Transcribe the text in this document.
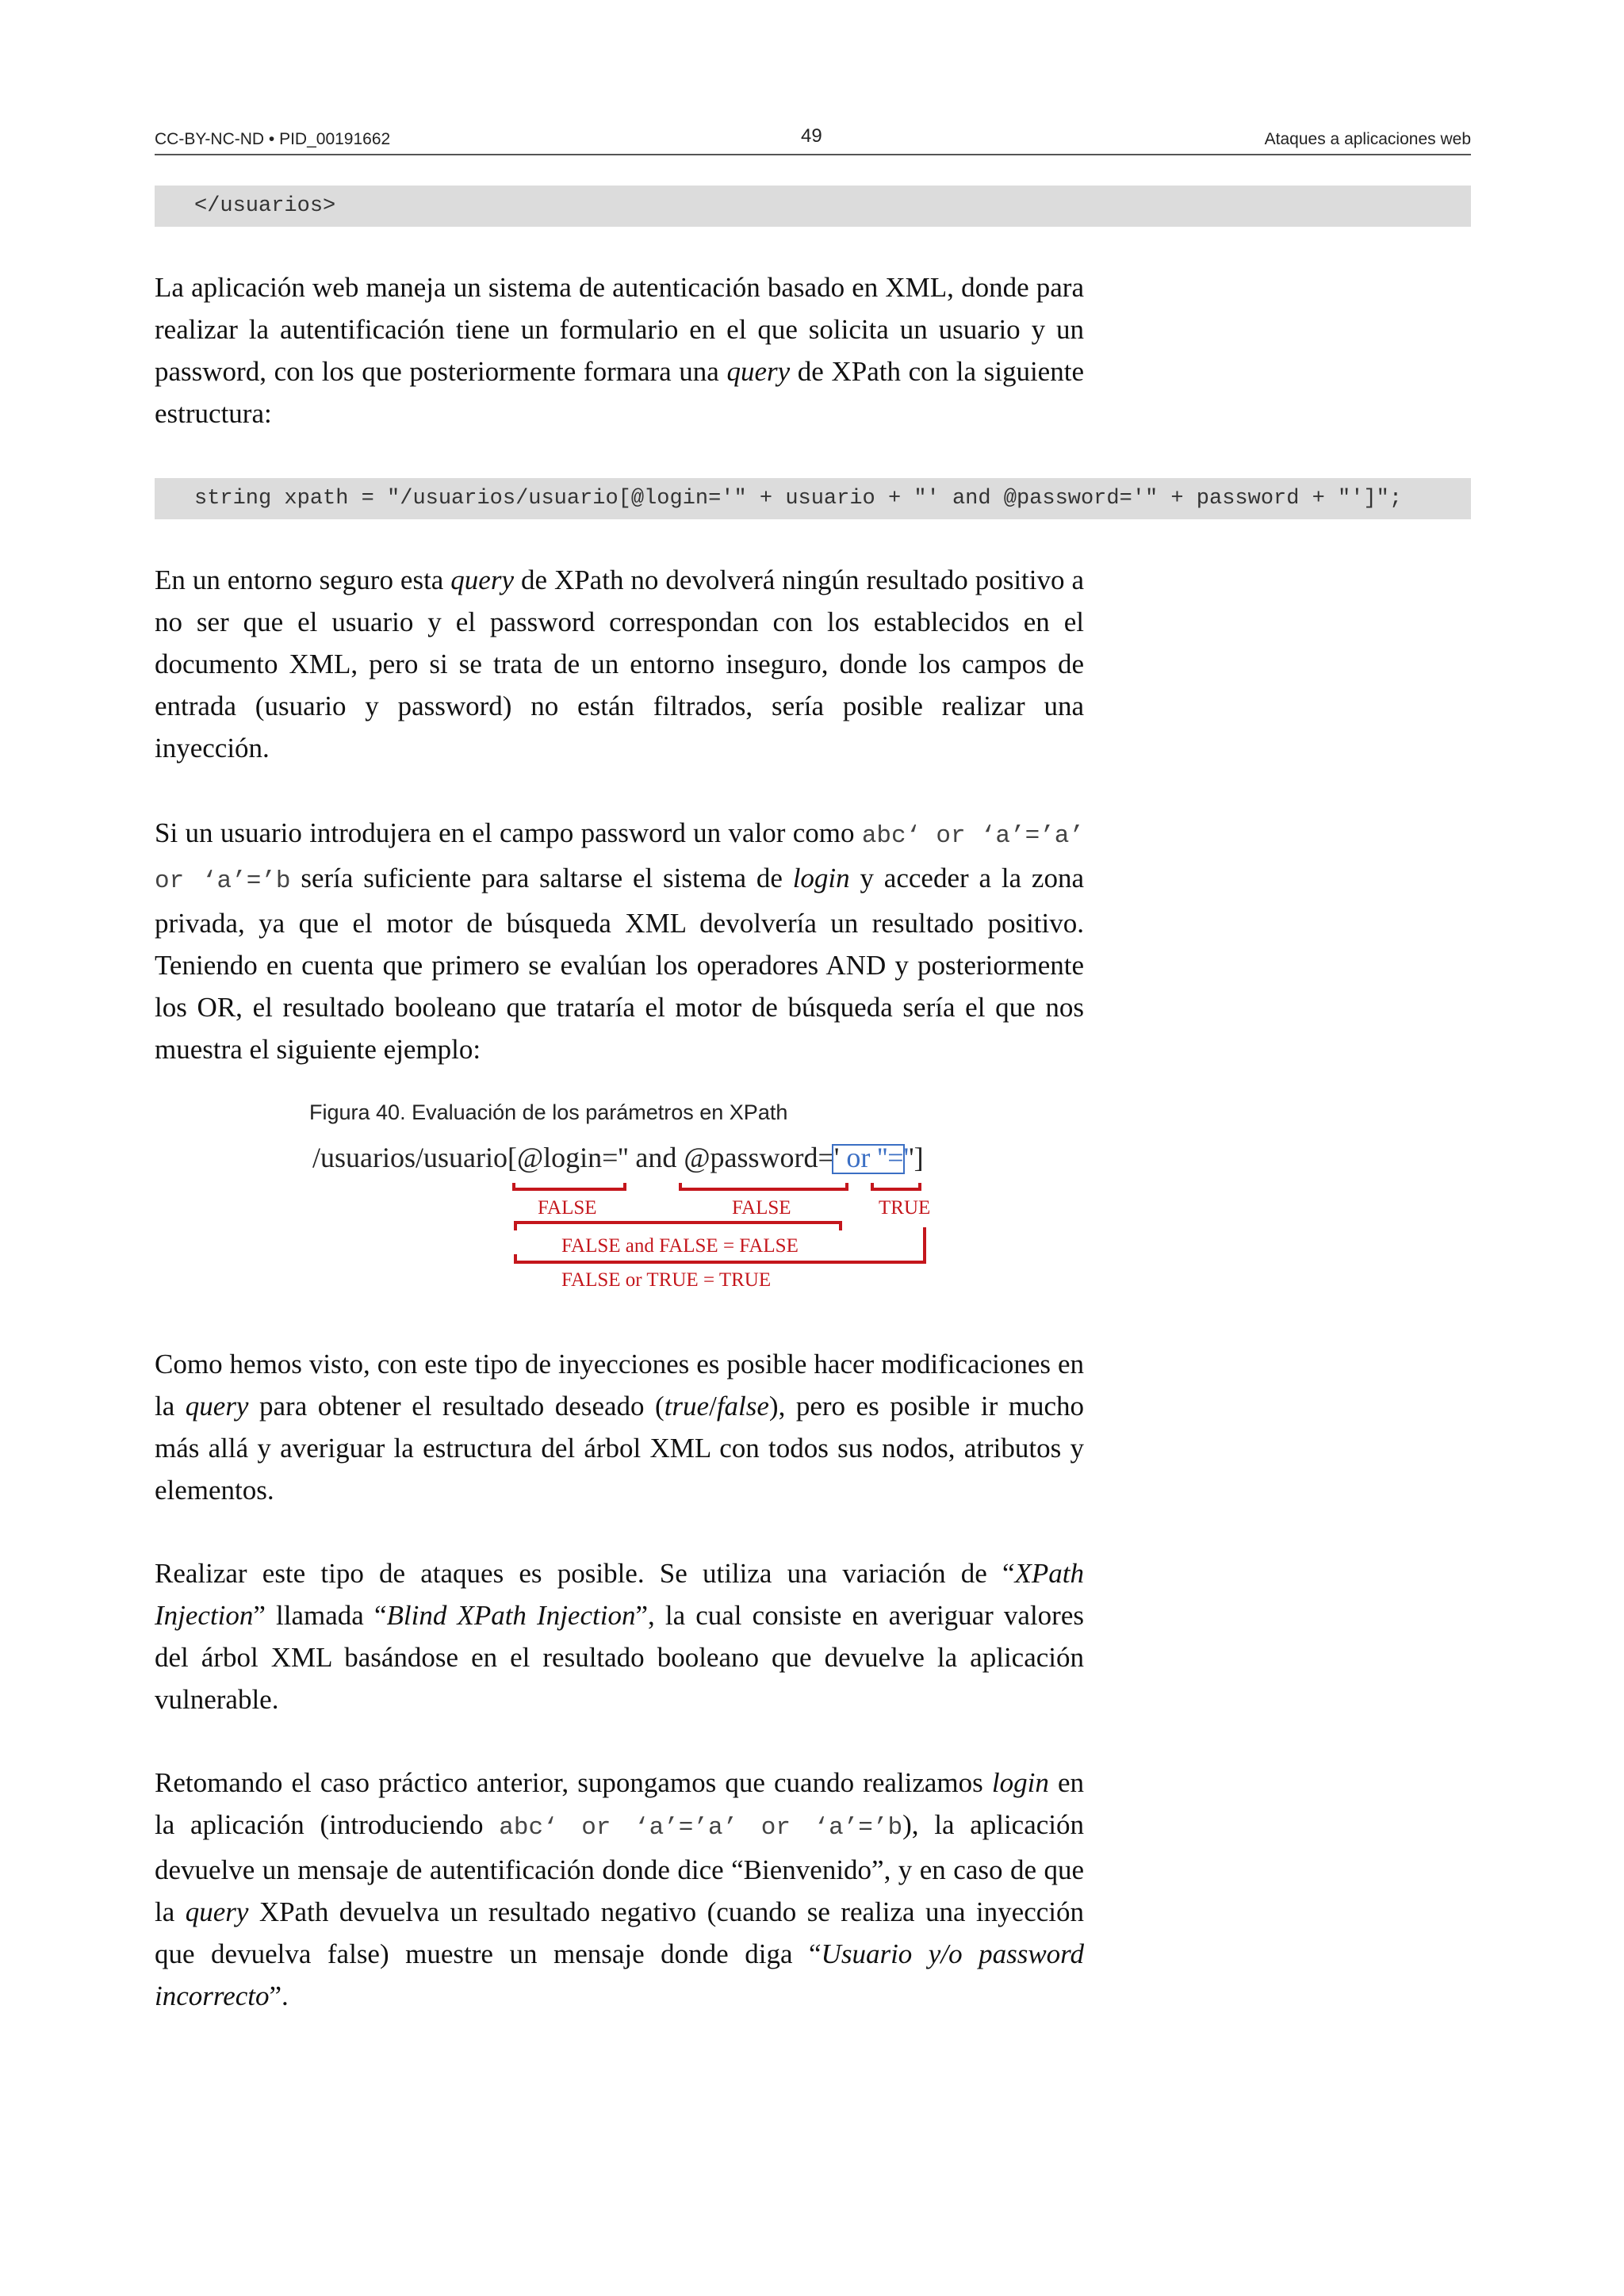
CC-BY-NC-ND • PID_00191662	49	Ataques a aplicaciones web
</usuarios>

La aplicación web maneja un sistema de autenticación basado en XML, donde para realizar la autentificación tiene un formulario en el que solicita un usuario y un password, con los que posteriormente formara una query de XPath con la siguiente estructura:

string xpath = "/usuarios/usuario[@login='" + usuario + "' and @password='" + password + "']";

En un entorno seguro esta query de XPath no devolverá ningún resultado positivo a no ser que el usuario y el password correspondan con los establecidos en el documento XML, pero si se trata de un entorno inseguro, donde los campos de entrada (usuario y password) no están filtrados, sería posible realizar una inyección.

Si un usuario introdujera en el campo password un valor como abc‘ or ‘a’=’a’ or ‘a’=’b sería suficiente para saltarse el sistema de login y acceder a la zona privada, ya que el motor de búsqueda XML devolvería un resultado positivo. Teniendo en cuenta que primero se evalúan los operadores AND y posteriormente los OR, el resultado booleano que trataría el motor de búsqueda sería el que nos muestra el siguiente ejemplo:

Figura 40. Evaluación de los parámetros en XPath
/usuarios/usuario[@login='' and @password=' or ''='']
FALSE	FALSE	TRUE
FALSE and FALSE = FALSE
FALSE or TRUE = TRUE

Como hemos visto, con este tipo de inyecciones es posible hacer modificaciones en la query para obtener el resultado deseado (true/false), pero es posible ir mucho más allá y averiguar la estructura del árbol XML con todos sus nodos, atributos y elementos.

Realizar este tipo de ataques es posible. Se utiliza una variación de “XPath Injection” llamada “Blind XPath Injection”, la cual consiste en averiguar valores del árbol XML basándose en el resultado booleano que devuelve la aplicación vulnerable.

Retomando el caso práctico anterior, supongamos que cuando realizamos login en la aplicación (introduciendo abc‘ or ‘a’=’a’ or ‘a’=’b), la aplicación devuelve un mensaje de autentificación donde dice “Bienvenido”, y en caso de que la query XPath devuelva un resultado negativo (cuando se realiza una inyección que devuelva false) muestre un mensaje donde diga “Usuario y/o password incorrecto”.
